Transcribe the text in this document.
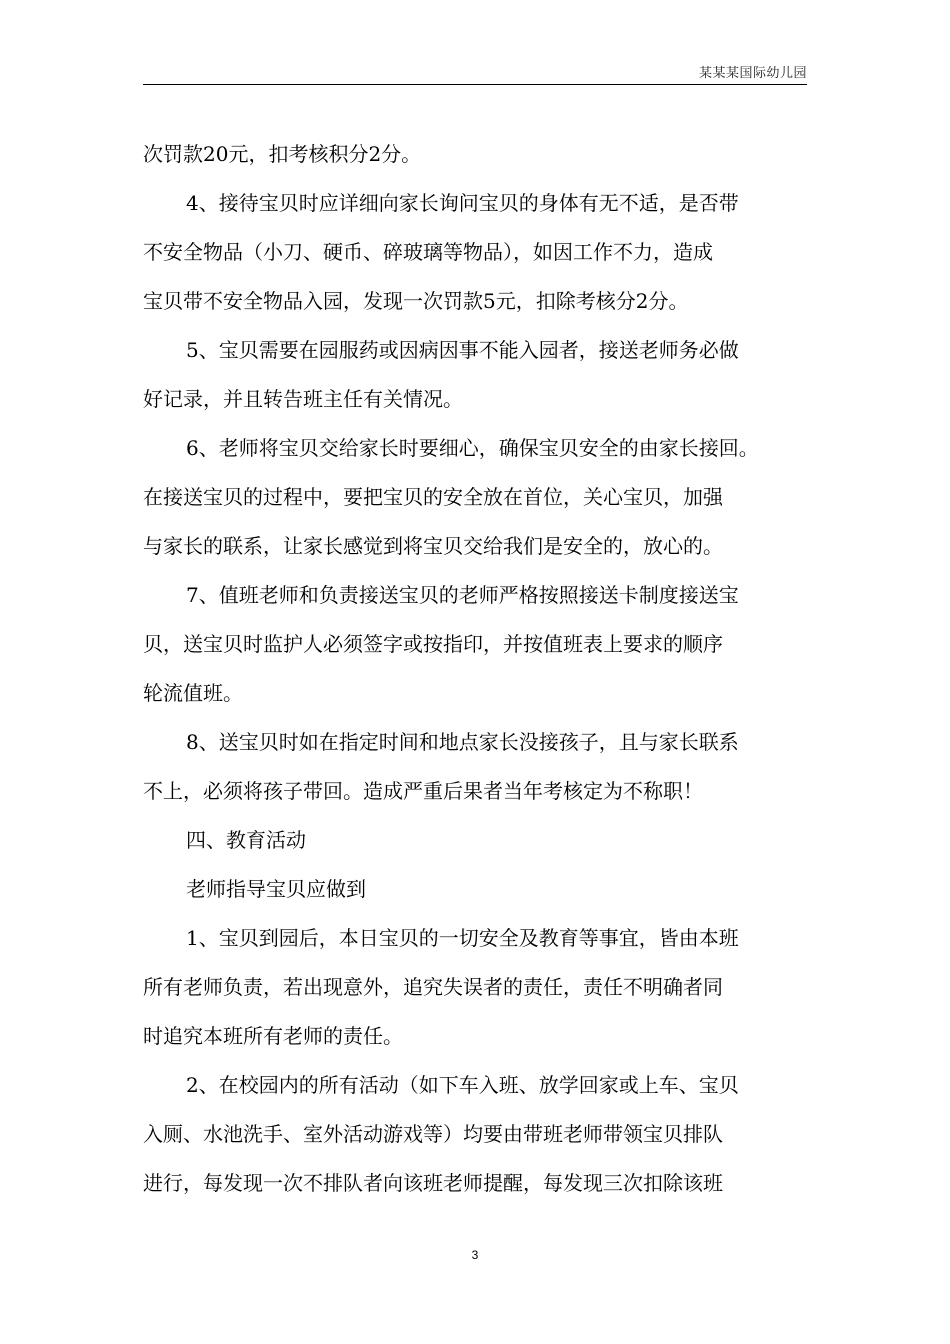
某某某国际幼儿园
次罚款20元，扣考核积分2分。
4、接待宝贝时应详细向家长询问宝贝的身体有无不适，是否带
不安全物品（小刀、硬币、碎玻璃等物品），如因工作不力，造成
宝贝带不安全物品入园，发现一次罚款5元，扣除考核分2分。
5、宝贝需要在园服药或因病因事不能入园者，接送老师务必做
好记录，并且转告班主任有关情况。
6、老师将宝贝交给家长时要细心，确保宝贝安全的由家长接回。
在接送宝贝的过程中，要把宝贝的安全放在首位，关心宝贝，加强
与家长的联系，让家长感觉到将宝贝交给我们是安全的，放心的。
7、值班老师和负责接送宝贝的老师严格按照接送卡制度接送宝
贝，送宝贝时监护人必须签字或按指印，并按值班表上要求的顺序
轮流值班。
8、送宝贝时如在指定时间和地点家长没接孩子，且与家长联系
不上，必须将孩子带回。造成严重后果者当年考核定为不称职！
四、教育活动
老师指导宝贝应做到
1、宝贝到园后，本日宝贝的一切安全及教育等事宜，皆由本班
所有老师负责，若出现意外，追究失误者的责任，责任不明确者同
时追究本班所有老师的责任。
2、在校园内的所有活动（如下车入班、放学回家或上车、宝贝
入厕、水池洗手、室外活动游戏等）均要由带班老师带领宝贝排队
进行，每发现一次不排队者向该班老师提醒，每发现三次扣除该班
3
